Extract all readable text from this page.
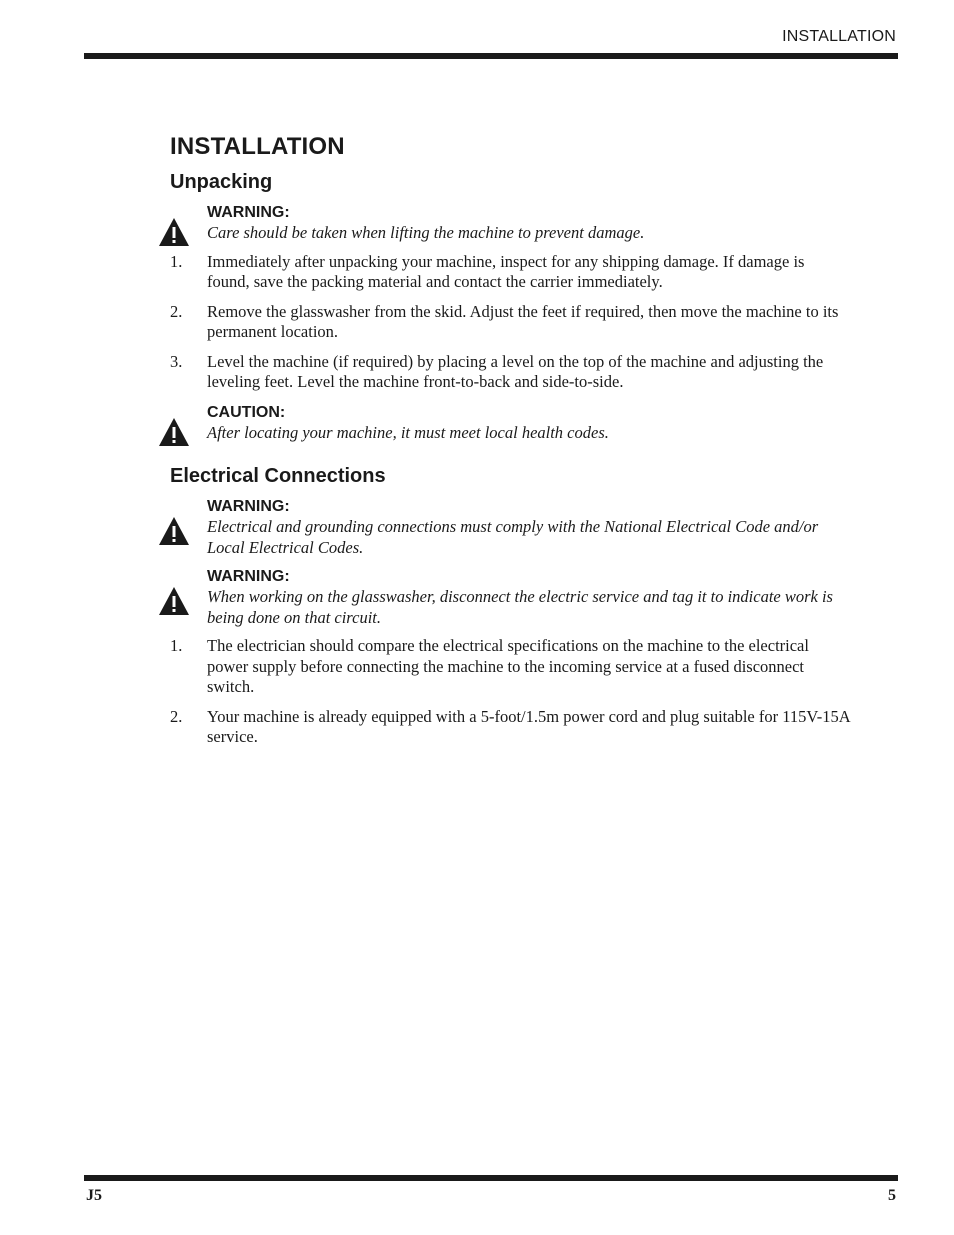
INSTALLATION
INSTALLATION
Unpacking
WARNING:
Care should be taken when lifting the machine to prevent damage.
1. Immediately after unpacking your machine, inspect for any shipping damage. If damage is found, save the packing material and contact the carrier immediately.
2. Remove the glasswasher from the skid. Adjust the feet if required, then move the machine to its permanent location.
3. Level the machine (if required) by placing a level on the top of the machine and adjusting the leveling feet. Level the machine front-to-back and side-to-side.
CAUTION:
After locating your machine, it must meet local health codes.
Electrical Connections
WARNING:
Electrical and grounding connections must comply with the National Electrical Code and/or Local Electrical Codes.
WARNING:
When working on the glasswasher, disconnect the electric service and tag it to indicate work is being done on that circuit.
1. The electrician should compare the electrical specifications on the machine to the electrical power supply before connecting the machine to the incoming service at a fused disconnect switch.
2. Your machine is already equipped with a 5-foot/1.5m power cord and plug suitable for 115V-15A service.
J5	5
